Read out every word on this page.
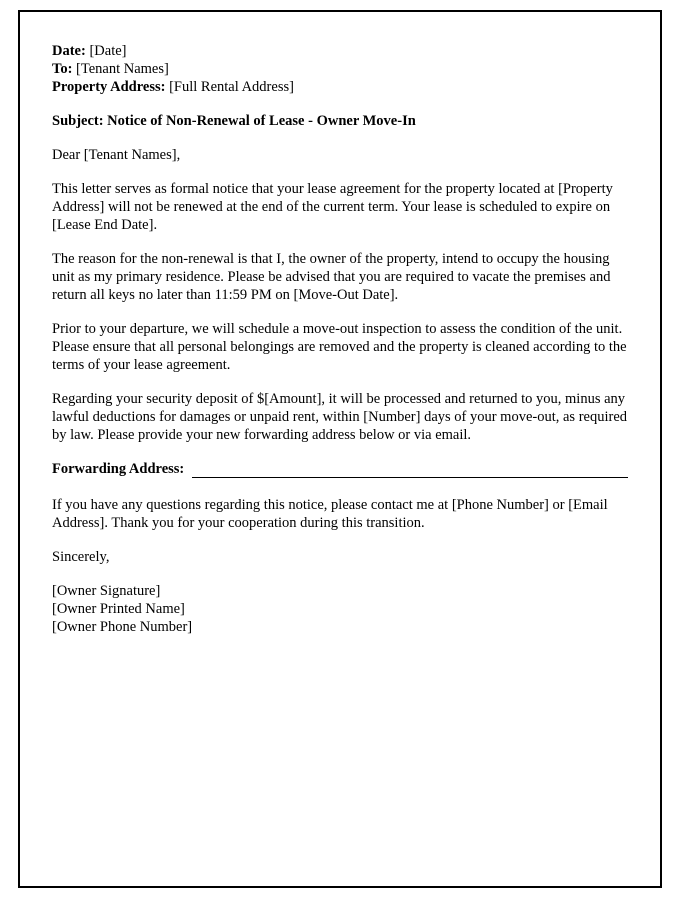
Date: [Date]

To: [Tenant Names]

Property Address: [Full Rental Address]

Subject: Notice of Non-Renewal of Lease - Owner Move-In

Dear [Tenant Names],

This letter serves as formal notice that your lease agreement for the property located at [Property Address] will not be renewed at the end of the current term. Your lease is scheduled to expire on [Lease End Date].

The reason for the non-renewal is that I, the owner of the property, intend to occupy the housing unit as my primary residence. Please be advised that you are required to vacate the premises and return all keys no later than 11:59 PM on [Move-Out Date].

Prior to your departure, we will schedule a move-out inspection to assess the condition of the unit. Please ensure that all personal belongings are removed and the property is cleaned according to the terms of your lease agreement.

Regarding your security deposit of $[Amount], it will be processed and returned to you, minus any lawful deductions for damages or unpaid rent, within [Number] days of your move-out, as required by law. Please provide your new forwarding address below or via email.

Forwarding Address:

If you have any questions regarding this notice, please contact me at [Phone Number] or [Email Address]. Thank you for your cooperation during this transition.

Sincerely,

[Owner Signature]
[Owner Printed Name]
[Owner Phone Number]
